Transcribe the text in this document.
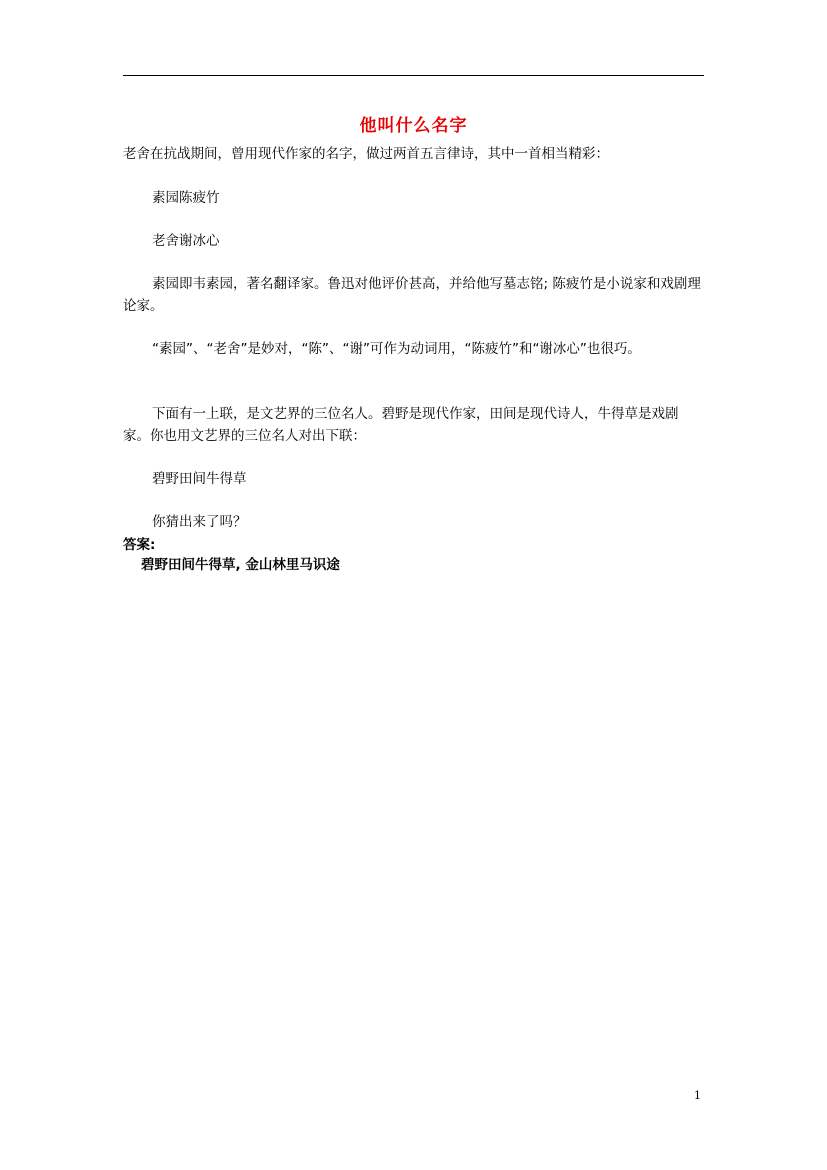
他叫什么名字
老舍在抗战期间，曾用现代作家的名字，做过两首五言律诗，其中一首相当精彩：
素园陈疲竹
老舍谢冰心
素园即韦素园，著名翻译家。鲁迅对他评价甚高，并给他写墓志铭; 陈疲竹是小说家和戏剧理论家。
“素园”、“老舍”是妙对，“陈”、“谢”可作为动词用，“陈疲竹”和“谢冰心”也很巧。
下面有一上联，是文艺界的三位名人。碧野是现代作家，田间是现代诗人，牛得草是戏剧家。你也用文艺界的三位名人对出下联：
碧野田间牛得草
你猜出来了吗？
答案:
碧野田间牛得草, 金山林里马识途
1
